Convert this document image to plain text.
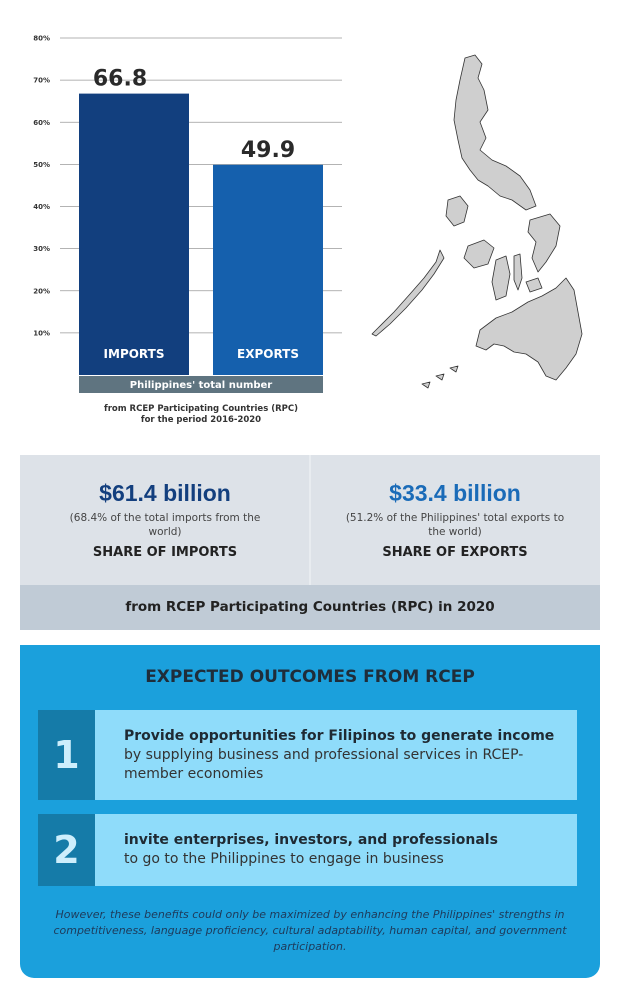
10%
20%
30%
40%
50%
60%
70%
80%
66.8
IMPORTS
49.9
EXPORTS
Philippines' total number
from RCEP Participating Countries (RPC)
for the period 2016-2020
$61.4 billion
(68.4% of the total imports from the world)
SHARE OF IMPORTS
$33.4 billion
(51.2% of the Philippines' total exports to the world)
SHARE OF EXPORTS
from RCEP Participating Countries (RPC) in 2020
EXPECTED OUTCOMES FROM RCEP
1	Provide opportunities for Filipinos to generate income
by supplying business and professional services in RCEP-member economies
2	invite enterprises, investors, and professionals
to go to the Philippines to engage in business
However, these benefits could only be maximized by enhancing the Philippines' strengths in competitiveness, language proficiency, cultural adaptability, human capital, and government participation.
